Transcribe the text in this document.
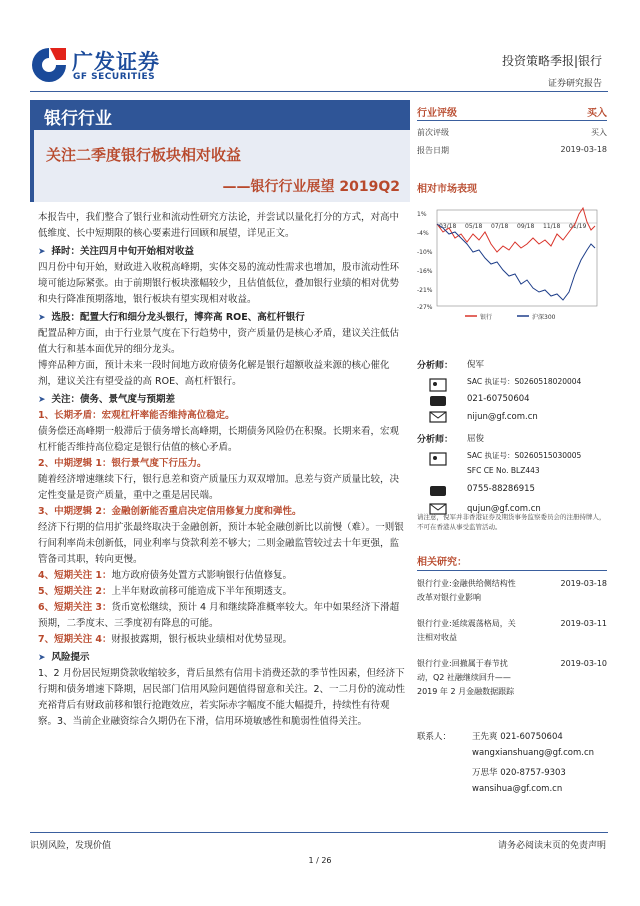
广发证券
GF SECURITIES
投资策略季报|银行
证券研究报告
银行行业
关注二季度银行板块相对收益
——银行行业展望 2019Q2
行业评级	买入
前次评级	买入
报告日期	2019-03-18
相对市场表现
1%
-4%
-10%
-16%
-21%
-27%
03/18 05/18 07/18 09/18 11/18 01/19
银行	沪深300
分析师： 倪军
SAC 执证号：S0260518020004
021-60750604
nijun@gf.com.cn
分析师： 屈俊
SAC 执证号：S0260515030005
SFC CE No. BLZ443
0755-88286915
qujun@gf.com.cn
请注意，倪军并非香港证券及期货事务监察委员会的注册持牌人，不可在香港从事受监管活动。
相关研究：
银行行业:金融供给侧结构性
改革对银行业影响
2019-03-18
银行行业:延续震荡格局，关
注相对收益
2019-03-11
银行行业:回撤属于春节扰
动，Q2 社融继续回升——
2019 年 2 月金融数据跟踪
2019-03-10
联系人： 王先爽 021-60750604
wangxianshuang@gf.com.cn
万思华 020-8757-9303
wansihua@gf.com.cn
本报告中，我们整合了银行业和流动性研究方法论，并尝试以量化打分的方式，对高中低维度、长中短期限的核心要素进行回顾和展望，详见正文。
➤ 择时：关注四月中旬开始相对收益
四月份中旬开始，财政进入收税高峰期，实体交易的流动性需求也增加，股市流动性环境可能边际紧张。由于前期银行板块涨幅较少，且估值低位，叠加银行业绩的相对优势和央行降准预期落地，银行板块有望实现相对收益。
➤ 选股：配置大行和细分龙头银行，博弈高 ROE、高杠杆银行
配置品种方面，由于行业景气度在下行趋势中，资产质量仍是核心矛盾，建议关注低估值大行和基本面优异的细分龙头。
博弈品种方面，预计未来一段时间地方政府债务化解是银行超额收益来源的核心催化剂，建议关注有望受益的高 ROE、高杠杆银行。
➤ 关注：债务、景气度与预期差
1、长期矛盾：宏观杠杆率能否维持高位稳定。
债务偿还高峰期一般滞后于债务增长高峰期，长期债务风险仍在积聚。长期来看，宏观杠杆能否维持高位稳定是银行估值的核心矛盾。
2、中期逻辑 1：银行景气度下行压力。
随着经济增速继续下行，银行息差和资产质量压力双双增加。息差与资产质量比较，决定性变量是资产质量，重中之重是居民端。
3、中期逻辑 2：金融创新能否重启决定信用修复力度和弹性。
经济下行期的信用扩张最终取决于金融创新，预计本轮金融创新比以前慢（难）。一则银行间利率尚未创新低，同业利率与贷款利差不够大；二则金融监管较过去十年更强，监管备司其职，转向更慢。
4、短期关注 1：地方政府债务处置方式影响银行估值修复。
5、短期关注 2：上半年财政前移可能造成下半年预期透支。
6、短期关注 3：货币宽松继续，预计 4 月和继续降准概率较大。年中如果经济下滑超预期，二季度末、三季度初有降息的可能。
7、短期关注 4：财报披露期，银行板块业绩相对优势显现。
➤ 风险提示
1、2 月份居民短期贷款收缩较多，背后虽然有信用卡消费还款的季节性因素，但经济下行期和债务增速下降期，居民部门信用风险问题值得留意和关注。2、一二月份的流动性充裕背后有财政前移和银行抢跑效应，若实际赤字幅度不能大幅提升，持续性有待观察。3、当前企业融资综合久期仍在下滑，信用环境敏感性和脆弱性值得关注。
识别风险，发现价值	请务必阅读末页的免责声明
1 / 26
